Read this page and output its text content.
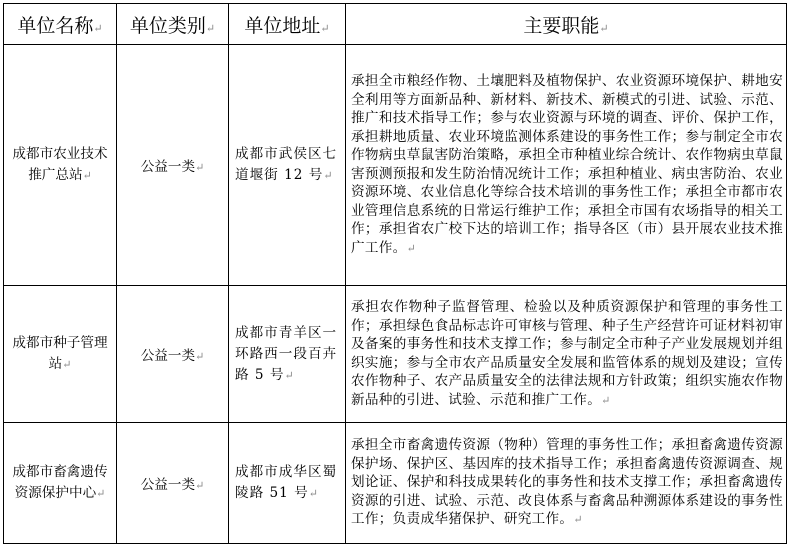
单位名称↵	单位类别↵	单位地址↵	主要职能↵
成都市农业技术推广总站↵	公益一类↵	成都市武侯区七道堰街 12 号↵	承担全市粮经作物、土壤肥料及植物保护、农业资源环境保护、耕地安全利用等方面新品种、新材料、新技术、新模式的引进、试验、示范、推广和技术指导工作；参与农业资源与环境的调查、评价、保护工作，承担耕地质量、农业环境监测体系建设的事务性工作；参与制定全市农作物病虫草鼠害防治策略，承担全市种植业综合统计、农作物病虫草鼠害预测预报和发生防治情况统计工作；承担种植业、病虫害防治、农业资源环境、农业信息化等综合技术培训的事务性工作；承担全市都市农业管理信息系统的日常运行维护工作；承担全市国有农场指导的相关工作；承担省农广校下达的培训工作；指导各区（市）县开展农业技术推广工作。↵
成都市种子管理站↵	公益一类↵	成都市青羊区一环路西一段百卉路 5 号↵	承担农作物种子监督管理、检验以及种质资源保护和管理的事务性工作；承担绿色食品标志许可审核与管理、种子生产经营许可证材料初审及备案的事务性和技术支撑工作；参与制定全市种子产业发展规划并组织实施；参与全市农产品质量安全发展和监管体系的规划及建设；宣传农作物种子、农产品质量安全的法律法规和方针政策；组织实施农作物新品种的引进、试验、示范和推广工作。↵
成都市畜禽遗传资源保护中心↵	公益一类↵	成都市成华区蜀陵路 51 号↵	承担全市畜禽遗传资源（物种）管理的事务性工作；承担畜禽遗传资源保护场、保护区、基因库的技术指导工作；承担畜禽遗传资源调查、规划论证、保护和科技成果转化的事务性和技术支撑工作；承担畜禽遗传资源的引进、试验、示范、改良体系与畜禽品种溯源体系建设的事务性工作；负责成华猪保护、研究工作。↵
